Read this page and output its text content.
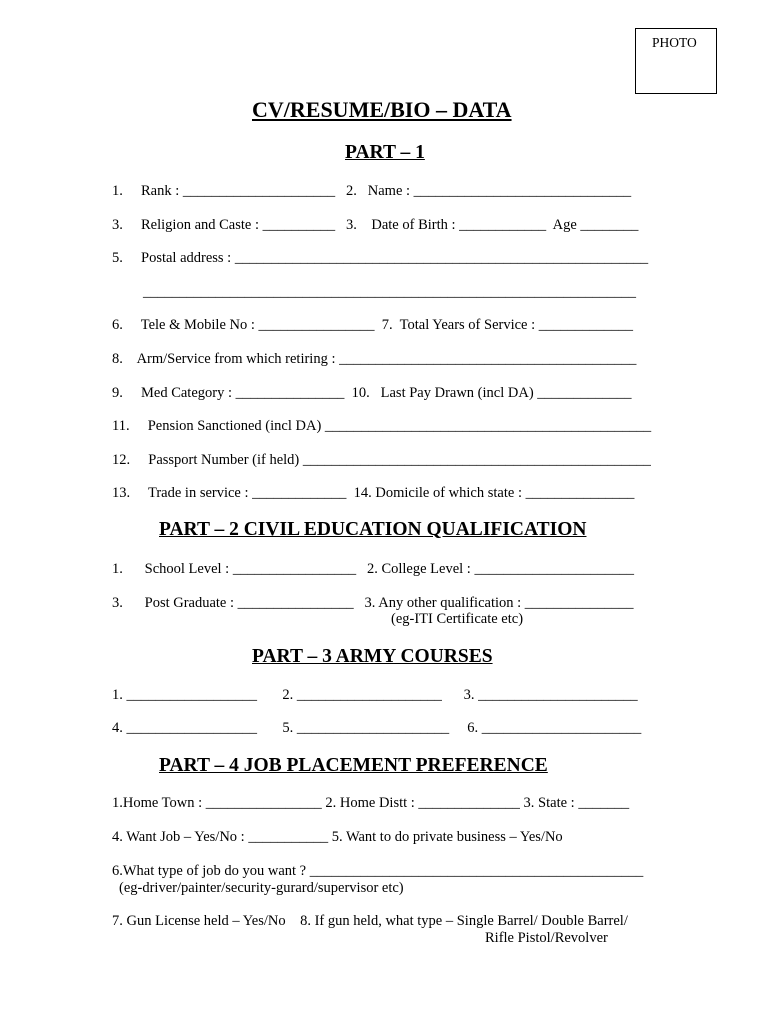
PHOTO
CV/RESUME/BIO – DATA
PART – 1
1.     Rank : _____________________   2.   Name : ______________________________
3.     Religion and Caste : __________   3.    Date of Birth : ____________  Age ________
5.     Postal address : _________________________________________________________
____________________________________________________________________
6.     Tele & Mobile No : ________________  7.  Total Years of Service : _____________
8.    Arm/Service from which retiring : _________________________________________
9.     Med Category : _______________  10.   Last Pay Drawn (incl DA) _____________
11.     Pension Sanctioned (incl DA) _____________________________________________
12.     Passport Number (if held) ________________________________________________
13.     Trade in service : _____________  14. Domicile of which state : _______________
PART – 2 CIVIL EDUCATION QUALIFICATION
1.      School Level : _________________   2. College Level : ______________________
3.      Post Graduate : ________________   3. Any other qualification : _______________
(eg-ITI Certificate etc)
PART – 3 ARMY COURSES
1. __________________       2. ____________________      3. ______________________
4. __________________       5. _____________________     6. ______________________
PART – 4 JOB PLACEMENT PREFERENCE
1.Home Town : ________________ 2. Home Distt : ______________ 3. State : _______
4. Want Job – Yes/No : ___________ 5. Want to do private business – Yes/No
6.What type of job do you want ? ______________________________________________
(eg-driver/painter/security-gurard/supervisor etc)
7. Gun License held – Yes/No    8. If gun held, what type – Single Barrel/ Double Barrel/
Rifle Pistol/Revolver
